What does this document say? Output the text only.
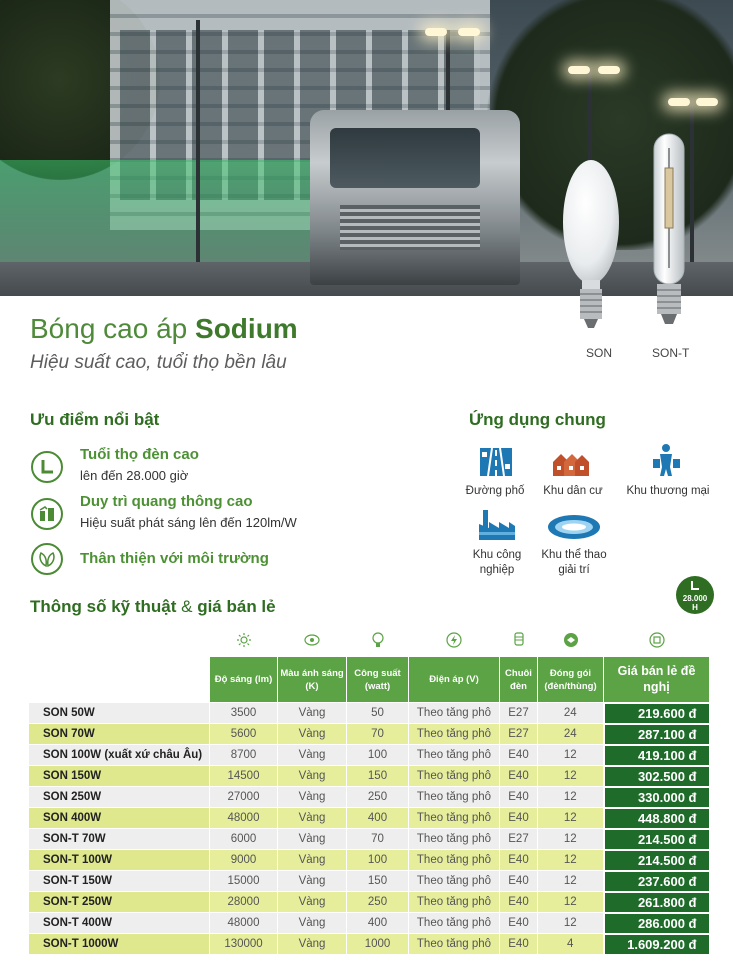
SON	SON-T
Bóng cao áp Sodium
Hiệu suất cao, tuổi thọ bền lâu
Ưu điểm nổi bật
Tuổi thọ đèn cao
lên đến 28.000 giờ
Duy trì quang thông cao
Hiệu suất phát sáng lên đến 120lm/W
Thân thiện với môi trường
Ứng dụng chung
Đường phố	Khu dân cư	Khu thương mại
Khu công nghiệp
Khu thể thao giải trí
Thông số kỹ thuật & giá bán lẻ	28.000
H
MÔ TẢ SẢN PHẨM							
	Độ sáng (lm)	Màu ánh sáng (K)	Công suất (watt)	Điện áp (V)	Chuôi đèn	Đóng gói (đèn/thùng)	Giá bán lẻ đề nghị
SON 50W	3500	Vàng	50	Theo tăng phô	E27	24	219.600 đ
SON 70W	5600	Vàng	70	Theo tăng phô	E27	24	287.100 đ
SON 100W (xuất xứ châu Âu)	8700	Vàng	100	Theo tăng phô	E40	12	419.100 đ
SON 150W	14500	Vàng	150	Theo tăng phô	E40	12	302.500 đ
SON 250W	27000	Vàng	250	Theo tăng phô	E40	12	330.000 đ
SON 400W	48000	Vàng	400	Theo tăng phô	E40	12	448.800 đ
SON-T 70W	6000	Vàng	70	Theo tăng phô	E27	12	214.500 đ
SON-T 100W	9000	Vàng	100	Theo tăng phô	E40	12	214.500 đ
SON-T 150W	15000	Vàng	150	Theo tăng phô	E40	12	237.600 đ
SON-T 250W	28000	Vàng	250	Theo tăng phô	E40	12	261.800 đ
SON-T 400W	48000	Vàng	400	Theo tăng phô	E40	12	286.000 đ
SON-T 1000W	130000	Vàng	1000	Theo tăng phô	E40	4	1.609.200 đ
